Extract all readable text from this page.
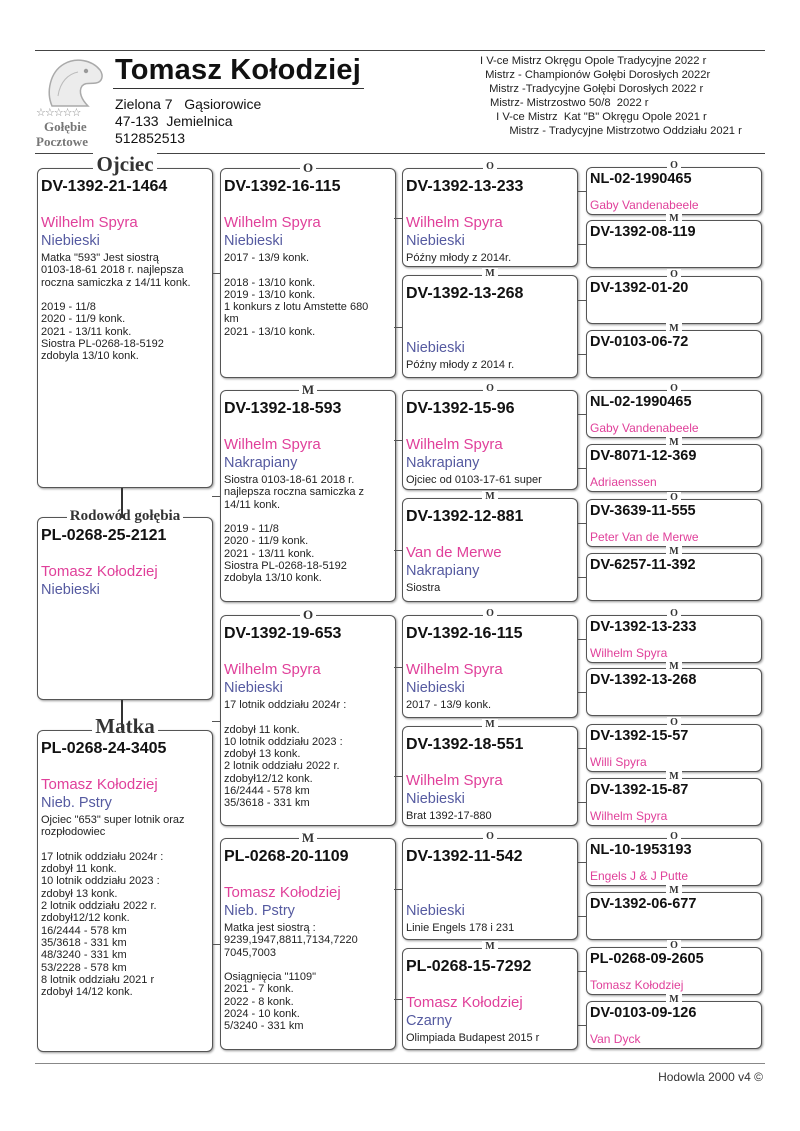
☆☆☆☆☆
Gołębie
Pocztowe
Tomasz Kołodziej
Zielona 7   Gąsiorowice
47-133  Jemielnica
512852513
I V-ce Mistrz Okręgu Opole Tradycyjne 2022 r
Mistrz - Championów Gołębi Dorosłych 2022r
Mistrz -Tradycyjne Gołębi Dorosłych 2022 r
Mistrz- Mistrzostwo 50/8  2022 r
I V-ce Mistrz  Kat "B" Okręgu Opole 2021 r
Mistrz - Tradycyjne Mistrzotwo Oddziału 2021 r
Ojciec
DV-1392-21-1464
Wilhelm Spyra
Niebieski
Matka "593" Jest siostrą
0103-18-61 2018 r. najlepsza
roczna samiczka z 14/11 konk.

2019 - 11/8
2020 - 11/9 konk.
2021 - 13/11 konk.
Siostra PL-0268-18-5192
zdobyla 13/10 konk.
Rodowód gołębia
PL-0268-25-2121
Tomasz Kołodziej
Niebieski
Matka
PL-0268-24-3405
Tomasz Kołodziej
Nieb. Pstry
Ojciec "653" super lotnik oraz
rozpłodowiec

17 lotnik oddziału 2024r :
zdobył 11 konk.
10 lotnik oddziału 2023 :
zdobył 13 konk.
2 lotnik oddziału 2022 r.
zdobył12/12 konk.
16/2444 - 578 km
35/3618 - 331 km
48/3240 - 331 km
53/2228 - 578 km
8 lotnik oddziału 2021 r
zdobył 14/12 konk.
O
DV-1392-16-115
Wilhelm Spyra
Niebieski
2017 - 13/9 konk.

2018 - 13/10 konk.
2019 - 13/10 konk.
1 konkurs z lotu Amstette 680
km
2021 - 13/10 konk.
M
DV-1392-18-593
Wilhelm Spyra
Nakrapiany
Siostra 0103-18-61 2018 r.
najlepsza roczna samiczka z
14/11 konk.

2019 - 11/8
2020 - 11/9 konk.
2021 - 13/11 konk.
Siostra PL-0268-18-5192
zdobyla 13/10 konk.
O
DV-1392-19-653
Wilhelm Spyra
Niebieski
17 lotnik oddziału 2024r :

zdobył 11 konk.
10 lotnik oddziału 2023 :
zdobył 13 konk.
2 lotnik oddziału 2022 r.
zdobył12/12 konk.
16/2444 - 578 km
35/3618 - 331 km
M
PL-0268-20-1109
Tomasz Kołodziej
Nieb. Pstry
Matka jest siostrą :
9239,1947,8811,7134,7220
7045,7003

Osiągnięcia "1109"
2021 - 7 konk.
2022 - 8 konk.
2024 - 10 konk.
5/3240 - 331 km
O
DV-1392-13-233
Wilhelm Spyra
Niebieski
Późny młody z 2014r.
M
DV-1392-13-268
Niebieski
Późny młody z 2014 r.
O
DV-1392-15-96
Wilhelm Spyra
Nakrapiany
Ojciec od 0103-17-61 super
M
DV-1392-12-881
Van de Merwe
Nakrapiany
Siostra
O
DV-1392-16-115
Wilhelm Spyra
Niebieski
2017 - 13/9 konk.
M
DV-1392-18-551
Wilhelm Spyra
Niebieski
Brat 1392-17-880
O
DV-1392-11-542
Niebieski
Linie Engels 178 i 231
M
PL-0268-15-7292
Tomasz Kołodziej
Czarny
Olimpiada Budapest 2015 r
O
NL-02-1990465
Gaby Vandenabeele
M
DV-1392-08-119
O
DV-1392-01-20
M
DV-0103-06-72
O
NL-02-1990465
Gaby Vandenabeele
M
DV-8071-12-369
Adriaenssen
O
DV-3639-11-555
Peter Van de Merwe
M
DV-6257-11-392
O
DV-1392-13-233
Wilhelm Spyra
M
DV-1392-13-268
O
DV-1392-15-57
Willi Spyra
M
DV-1392-15-87
Wilhelm Spyra
O
NL-10-1953193
Engels J & J Putte
M
DV-1392-06-677
O
PL-0268-09-2605
Tomasz Kołodziej
M
DV-0103-09-126
Van Dyck
Hodowla 2000 v4 ©
